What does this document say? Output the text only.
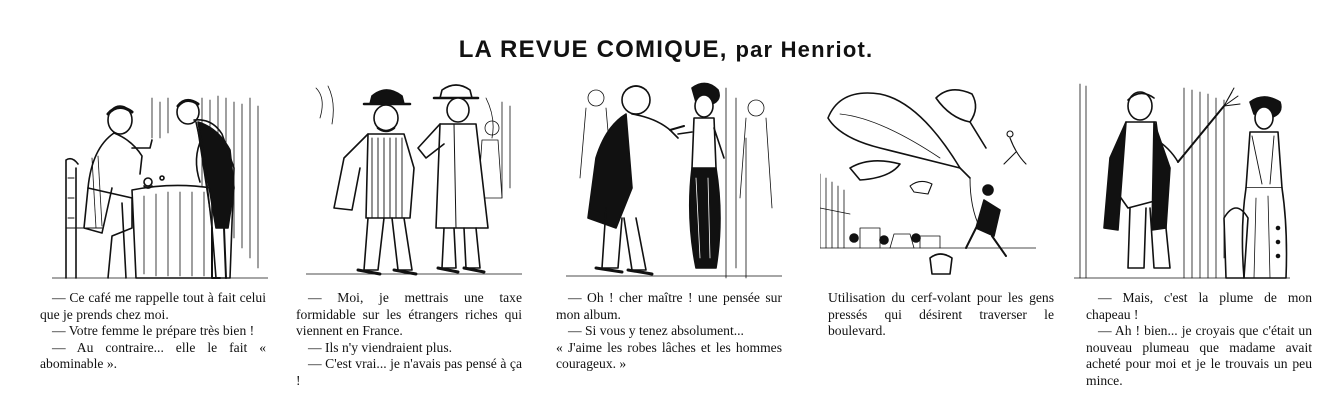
LA REVUE COMIQUE, par Henriot.

— Ce café me rappelle tout à fait celui que je prends chez moi.

— Votre femme le prépare très bien !

— Au contraire... elle le fait « abominable ».

— Moi, je mettrais une taxe formidable sur les étrangers riches qui viennent en France.

— Ils n'y viendraient plus.

— C'est vrai... je n'avais pas pensé à ça !

— Oh ! cher maître ! une pensée sur mon album.

— Si vous y tenez absolument...

« J'aime les robes lâches et les hommes courageux. »

Utilisation du cerf-volant pour les gens pressés qui désirent traverser le boulevard.

— Mais, c'est la plume de mon chapeau !

— Ah ! bien... je croyais que c'était un nouveau plumeau que madame avait acheté pour moi et je le trouvais un peu mince.
